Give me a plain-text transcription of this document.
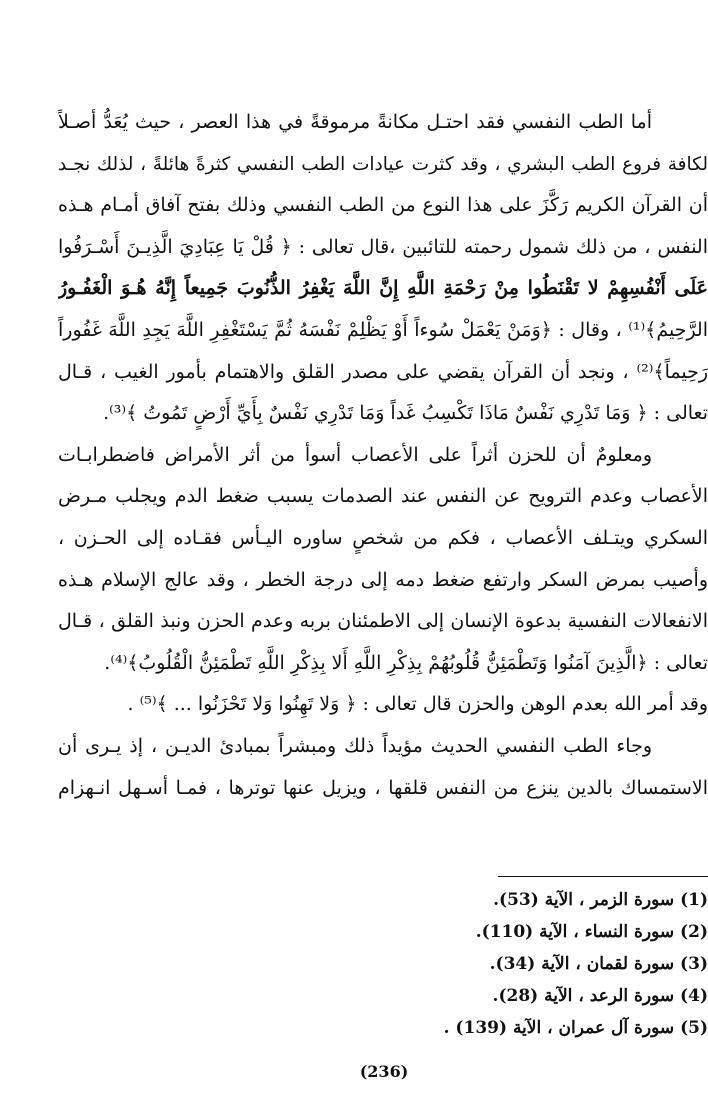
أما الطب النفسي فقد احتـل مكانةً مرموقةً في هذا العصر ، حيث يُعَدُّ أصـلاً
لكافة فروع الطب البشري ، وقد كثرت عيادات الطب النفسي كثرةً هائلةً ، لذلك نجـد
أن القرآن الكريم رَكَّزَ على هذا النوع من الطب النفسي وذلك بفتح آفاق أمـام هـذه
النفس ، من ذلك شمول رحمته للتائبين ،قال تعالى : ﴿ قُلْ يَا عِبَادِيَ الَّذِيـنَ أَسْـرَفُوا
عَلَى أَنْفُسِهِمْ لا تَقْنَطُوا مِنْ رَحْمَةِ اللَّهِ إِنَّ اللَّهَ يَغْفِرُ الذُّنُوبَ جَمِيعاً إِنَّهُ هُـوَ الْغَفُـورُ
الرَّحِيمُ﴾⁽¹⁾ ، وقال : ﴿وَمَنْ يَعْمَلْ سُوءاً أَوْ يَظْلِمْ نَفْسَهُ ثُمَّ يَسْتَغْفِرِ اللَّهَ يَجِدِ اللَّهَ غَفُوراً
رَحِيماً﴾⁽²⁾ ، ونجد أن القرآن يقضي على مصدر القلق والاهتمام بأمور الغيب ، قـال
تعالى : ﴿ وَمَا تَدْرِي نَفْسٌ مَاذَا تَكْسِبُ غَداً وَمَا تَدْرِي نَفْسٌ بِأَيِّ أَرْضٍ تَمُوتُ ﴾⁽³⁾.
ومعلومٌ أن للحزن أثراً على الأعصاب أسوأ من أثر الأمراض فاضطرابـات
الأعصاب وعدم الترويح عن النفس عند الصدمات يسبب ضغط الدم ويجلب مـرض
السكري ويتـلف الأعصاب ، فكم من شخصٍ ساوره اليـأس فقـاده إلى الحـزن ،
وأصيب بمرض السكر وارتفع ضغط دمه إلى درجة الخطر ، وقد عالج الإسلام هـذه
الانفعالات النفسية بدعوة الإنسان إلى الاطمئنان بربه وعدم الحزن ونبذ القلق ، قـال
تعالى : ﴿الَّذِينَ آمَنُوا وَتَطْمَئِنُّ قُلُوبُهُمْ بِذِكْرِ اللَّهِ أَلا بِذِكْرِ اللَّهِ تَطْمَئِنُّ الْقُلُوبُ﴾⁽⁴⁾.
وقد أمر الله بعدم الوهن والحزن قال تعالى : ﴿ وَلا تَهِنُوا وَلا تَحْزَنُوا ... ﴾⁽⁵⁾ .
وجاء الطب النفسي الحديث مؤيداً ذلك ومبشراً بمبادئ الديـن ، إذ يـرى أن
الاستمساك بالدين ينزع من النفس قلقها ، ويزيل عنها توترها ، فمـا أسـهل انـهزام
(1) سورة الزمر ، الآية (53).
(2) سورة النساء ، الآية (110).
(3) سورة لقمان ، الآية (34).
(4) سورة الرعد ، الآية (28).
(5) سورة آل عمران ، الآية (139) .
(236)
